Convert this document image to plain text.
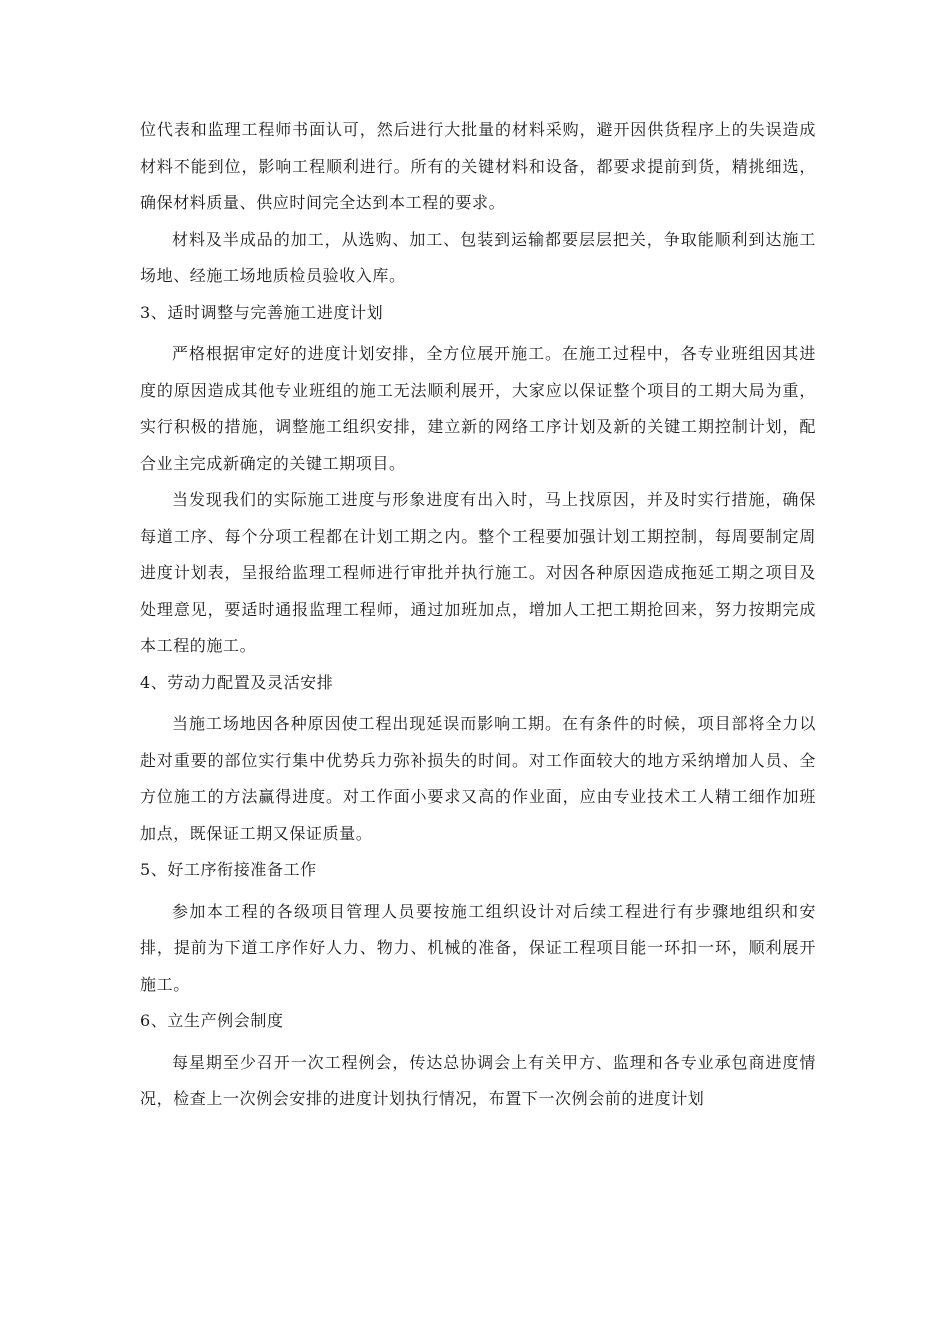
位代表和监理工程师书面认可，然后进行大批量的材料采购，避开因供货程序上的失误造成材料不能到位，影响工程顺利进行。所有的关键材料和设备，都要求提前到货，精挑细选，确保材料质量、供应时间完全达到本工程的要求。

材料及半成品的加工，从选购、加工、包装到运输都要层层把关，争取能顺利到达施工场地、经施工场地质检员验收入库。

3、适时调整与完善施工进度计划

严格根据审定好的进度计划安排，全方位展开施工。在施工过程中，各专业班组因其进度的原因造成其他专业班组的施工无法顺利展开，大家应以保证整个项目的工期大局为重，实行积极的措施，调整施工组织安排，建立新的网络工序计划及新的关键工期控制计划，配合业主完成新确定的关键工期项目。

当发现我们的实际施工进度与形象进度有出入时，马上找原因，并及时实行措施，确保每道工序、每个分项工程都在计划工期之内。整个工程要加强计划工期控制，每周要制定周进度计划表，呈报给监理工程师进行审批并执行施工。对因各种原因造成拖延工期之项目及处理意见，要适时通报监理工程师，通过加班加点，增加人工把工期抢回来，努力按期完成本工程的施工。

4、劳动力配置及灵活安排

当施工场地因各种原因使工程出现延误而影响工期。在有条件的时候，项目部将全力以赴对重要的部位实行集中优势兵力弥补损失的时间。对工作面较大的地方采纳增加人员、全方位施工的方法赢得进度。对工作面小要求又高的作业面，应由专业技术工人精工细作加班加点，既保证工期又保证质量。

5、好工序衔接准备工作

参加本工程的各级项目管理人员要按施工组织设计对后续工程进行有步骤地组织和安排，提前为下道工序作好人力、物力、机械的准备，保证工程项目能一环扣一环，顺利展开施工。

6、立生产例会制度

每星期至少召开一次工程例会，传达总协调会上有关甲方、监理和各专业承包商进度情况，检查上一次例会安排的进度计划执行情况，布置下一次例会前的进度计划
